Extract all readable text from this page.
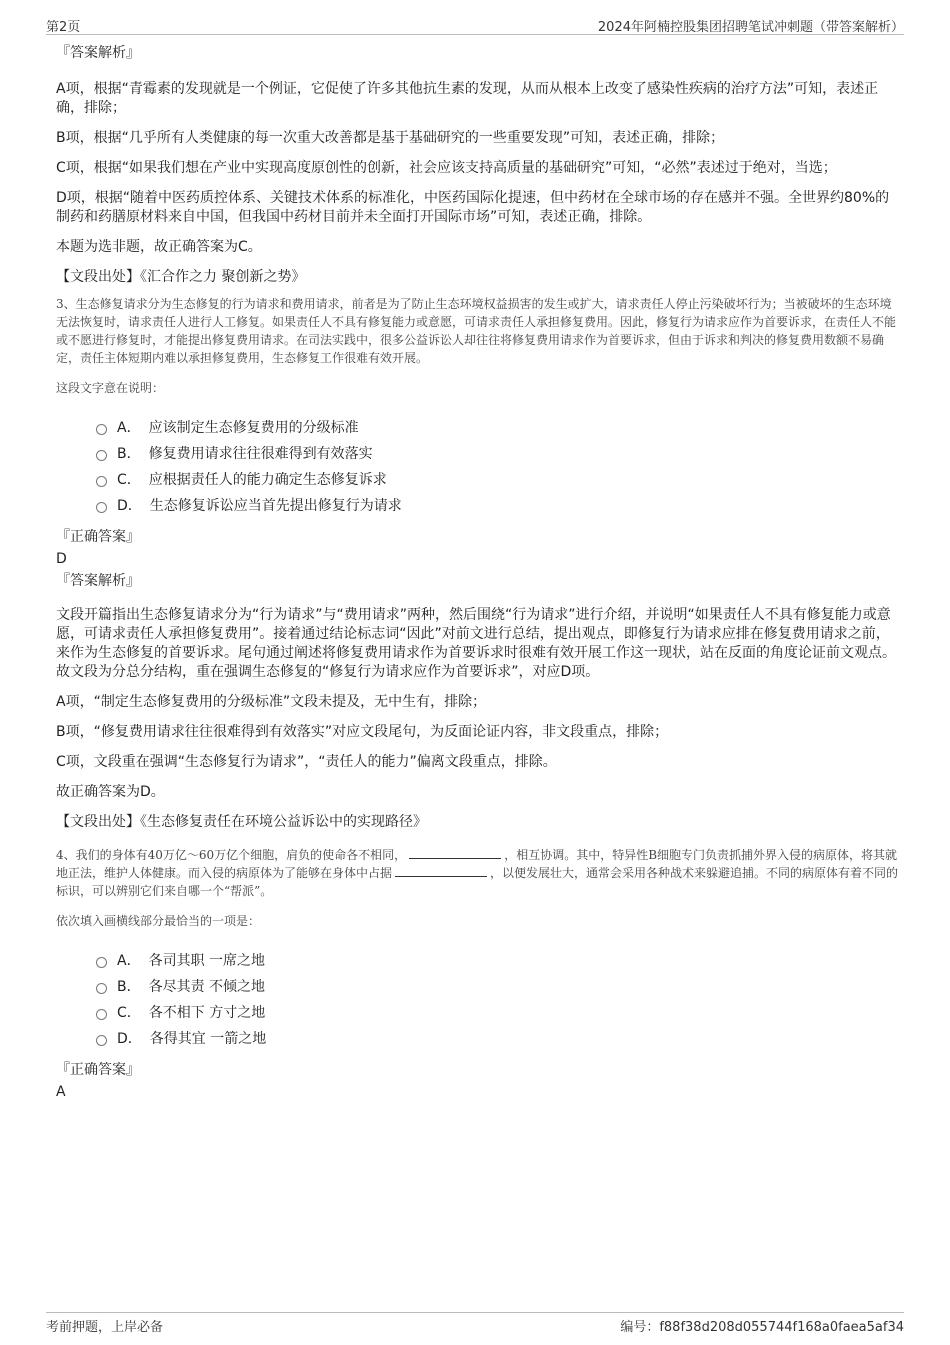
第2页	2024年阿楠控股集团招聘笔试冲刺题（带答案解析）
『答案解析』

A项，根据“青霉素的发现就是一个例证，它促使了许多其他抗生素的发现，从而从根本上改变了感染性疾病的治疗方法”可知，表述正确，排除；

B项，根据“几乎所有人类健康的每一次重大改善都是基于基础研究的一些重要发现”可知，表述正确，排除；

C项，根据“如果我们想在产业中实现高度原创性的创新，社会应该支持高质量的基础研究”可知，“必然”表述过于绝对，当选；

D项，根据“随着中医药质控体系、关键技术体系的标准化，中医药国际化提速，但中药材在全球市场的存在感并不强。全世界约80%的制药和药膳原材料来自中国，但我国中药材目前并未全面打开国际市场”可知，表述正确，排除。

本题为选非题，故正确答案为C。

【文段出处】《汇合作之力 聚创新之势》

3、生态修复请求分为生态修复的行为请求和费用请求，前者是为了防止生态环境权益损害的发生或扩大，请求责任人停止污染破坏行为；当被破坏的生态环境无法恢复时，请求责任人进行人工修复。如果责任人不具有修复能力或意愿，可请求责任人承担修复费用。因此，修复行为请求应作为首要诉求，在责任人不能或不愿进行修复时，才能提出修复费用请求。在司法实践中，很多公益诉讼人却往往将修复费用请求作为首要诉求，但由于诉求和判决的修复费用数额不易确定，责任主体短期内难以承担修复费用，生态修复工作很难有效开展。

这段文字意在说明：
A． 应该制定生态修复费用的分级标准
B． 修复费用请求往往很难得到有效落实
C． 应根据责任人的能力确定生态修复诉求
D． 生态修复诉讼应当首先提出修复行为请求
『正确答案』
D
『答案解析』

文段开篇指出生态修复请求分为“行为请求”与“费用请求”两种，然后围绕“行为请求”进行介绍，并说明“如果责任人不具有修复能力或意愿，可请求责任人承担修复费用”。接着通过结论标志词“因此”对前文进行总结，提出观点，即修复行为请求应排在修复费用请求之前，来作为生态修复的首要诉求。尾句通过阐述将修复费用请求作为首要诉求时很难有效开展工作这一现状，站在反面的角度论证前文观点。故文段为分总分结构，重在强调生态修复的“修复行为请求应作为首要诉求”，对应D项。

A项，“制定生态修复费用的分级标准”文段未提及，无中生有，排除；

B项，“修复费用请求往往很难得到有效落实”对应文段尾句，为反面论证内容，非文段重点，排除；

C项，文段重在强调“生态修复行为请求”，“责任人的能力”偏离文段重点，排除。

故正确答案为D。

【文段出处】《生态修复责任在环境公益诉讼中的实现路径》

4、我们的身体有40万亿～60万亿个细胞，肩负的使命各不相同，	，相互协调。其中，特异性B细胞专门负责抓捕外界入侵的病原体，将其就地正法，维护人体健康。而入侵的病原体为了能够在身体中占据	，以便发展壮大，通常会采用各种战术来躲避追捕。不同的病原体有着不同的标识，可以辨别它们来自哪一个“帮派”。

依次填入画横线部分最恰当的一项是：
A． 各司其职 一席之地
B． 各尽其责 不倾之地
C． 各不相下 方寸之地
D． 各得其宜 一箭之地
『正确答案』
A
考前押题，上岸必备	编号：f88f38d208d055744f168a0faea5af34
